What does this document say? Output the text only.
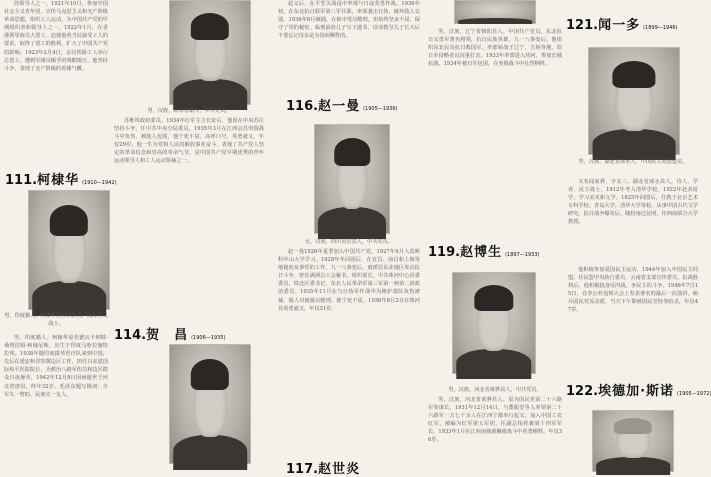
的领导人之一。1921年10月，参加中国社会主义青年团，宣传马克思主义和无产阶级革命思想，组织工人运动，为中国共产党的早期组织者和领导人之一。1922年1月，在香港领导海员大罢工，迫使港英当局接受工人的要求，取得了罢工的胜利，扩大了中国共产党的影响。1923年2月4日，京汉铁路工人举行总罢工，遭到军阀吴佩孚的残酷镇压，他坚持斗争，表现了无产阶级的英雄气概。

111.柯棣华 (1910—1942)
男，印度籍人，柯棣华医疗队队员，国际主义战士。

男，印度籍人。柯棣华原名德瓦卡纳特·桑塔拉姆·柯棣尼斯，出生于印度马哈拉施特拉邦。1938年随印度援华医疗队来到中国，先后在延安和晋察冀边区工作，担任白求恩国际和平医院院长，为救治八路军伤员和边区群众日夜操劳，1942年12月9日因病逝世于河北省唐县，终年32岁。毛泽东题写挽词：全军失一臂助，民族失一友人。

男，汉族，山东省籍人，中共党员。

苏维埃政府委员。1934年红军主力长征后，他留在中央苏区坚持斗争，任中共中央分局委员。1935年3月在江西会昌突围战斗中负伤，被敌人包围，他宁死不屈，高呼口号，英勇就义，年仅29岁。他一生为党和人民的解放事业奋斗，表现了共产党人坚定的革命信念和崇高的革命气节，是中国共产党早期优秀的青年运动领导人和工人运动领袖之一。

114.贺　昌 (1906—1935)

起义后，在平型关战役中率部与日寇英勇作战。1936年初，在东北抗日联军第三军任职，率部袭击日伪，破坏敌人交通。1936年8月被捕，在狱中受尽酷刑，但始终坚贞不屈，保守了党的秘密。临刑前给儿子写下遗书，谆谆教导儿子长大后不要忘记母亲是为国而牺牲的。

116.赵一曼 (1905—1936)
女，汉族，四川省宜宾人，中共党员。

赵一曼1926年夏季加入中国共产党，1927年9月入莫斯科中山大学学习。1928年冬回国后，在宜昌、南昌和上海等地秘密从事党的工作。九一八事变后，被派往东北地区发动抗日斗争，曾任满洲总工会秘书、组织部长，中共珠河中心县委委员、铁北区委书记，东北人民革命军第三军第一师第二团政治委员。1935年11月在与日伪军作战中为掩护部队负伤被捕，敌人对她施以酷刑，她宁死不屈，1936年8月2日在珠河县英勇就义，年仅31岁。

117.赵世炎

男，汉族，辽宁省朝阳县人。中国共产党员，东北抗日义勇军著名将领，抗日民族英雄。九一八事变后，他组织东北民众抗日救国军，率部转战于辽宁、吉林等地，给日本侵略者以沉重打击。1933年率部进入热河，参加长城抗战，1934年被日军包围，在突围战斗中壮烈牺牲。

119.赵博生 (1897—1933)
男，汉族，河北省黄骅县人，中共党员。

男，汉族，河北省黄骅县人。原为国民党第二十六路军参谋长。1931年12月14日，与董振堂等人率领第二十六路军一万七千余人在江西宁都举行起义，加入中国工农红军，被编为红军第五军团，任副总指挥兼第十四军军长。1933年1月在江西南城黄狮渡战斗中英勇牺牲，年仅36岁。

121.闻一多 (1899—1946)
男，汉族，湖北省浠水人，中国民主同盟盟员。

又名闻家骅，字友三，湖北省浠水县人。诗人、学者、民主战士。1912年考入清华学校，1922年赴美留学，学习美术和文学。1925年回国后，任教于北京艺术专科学校、青岛大学、清华大学等校，从事中国古代文学研究。抗日战争爆发后，随校南迁昆明，任西南联合大学教授。

他积极参加爱国民主运动，1944年加入中国民主同盟，任民盟中央执行委员、云南省支部宣传委员。抗战胜利后，他积极投身反内战、争民主的斗争。1946年7月15日，在李公朴追悼大会上发表著名的最后一次演讲，痛斥国民党反动派，当天下午即被国民党特务暗杀，年仅47岁。

122.埃德加·斯诺 (1905—1972)
